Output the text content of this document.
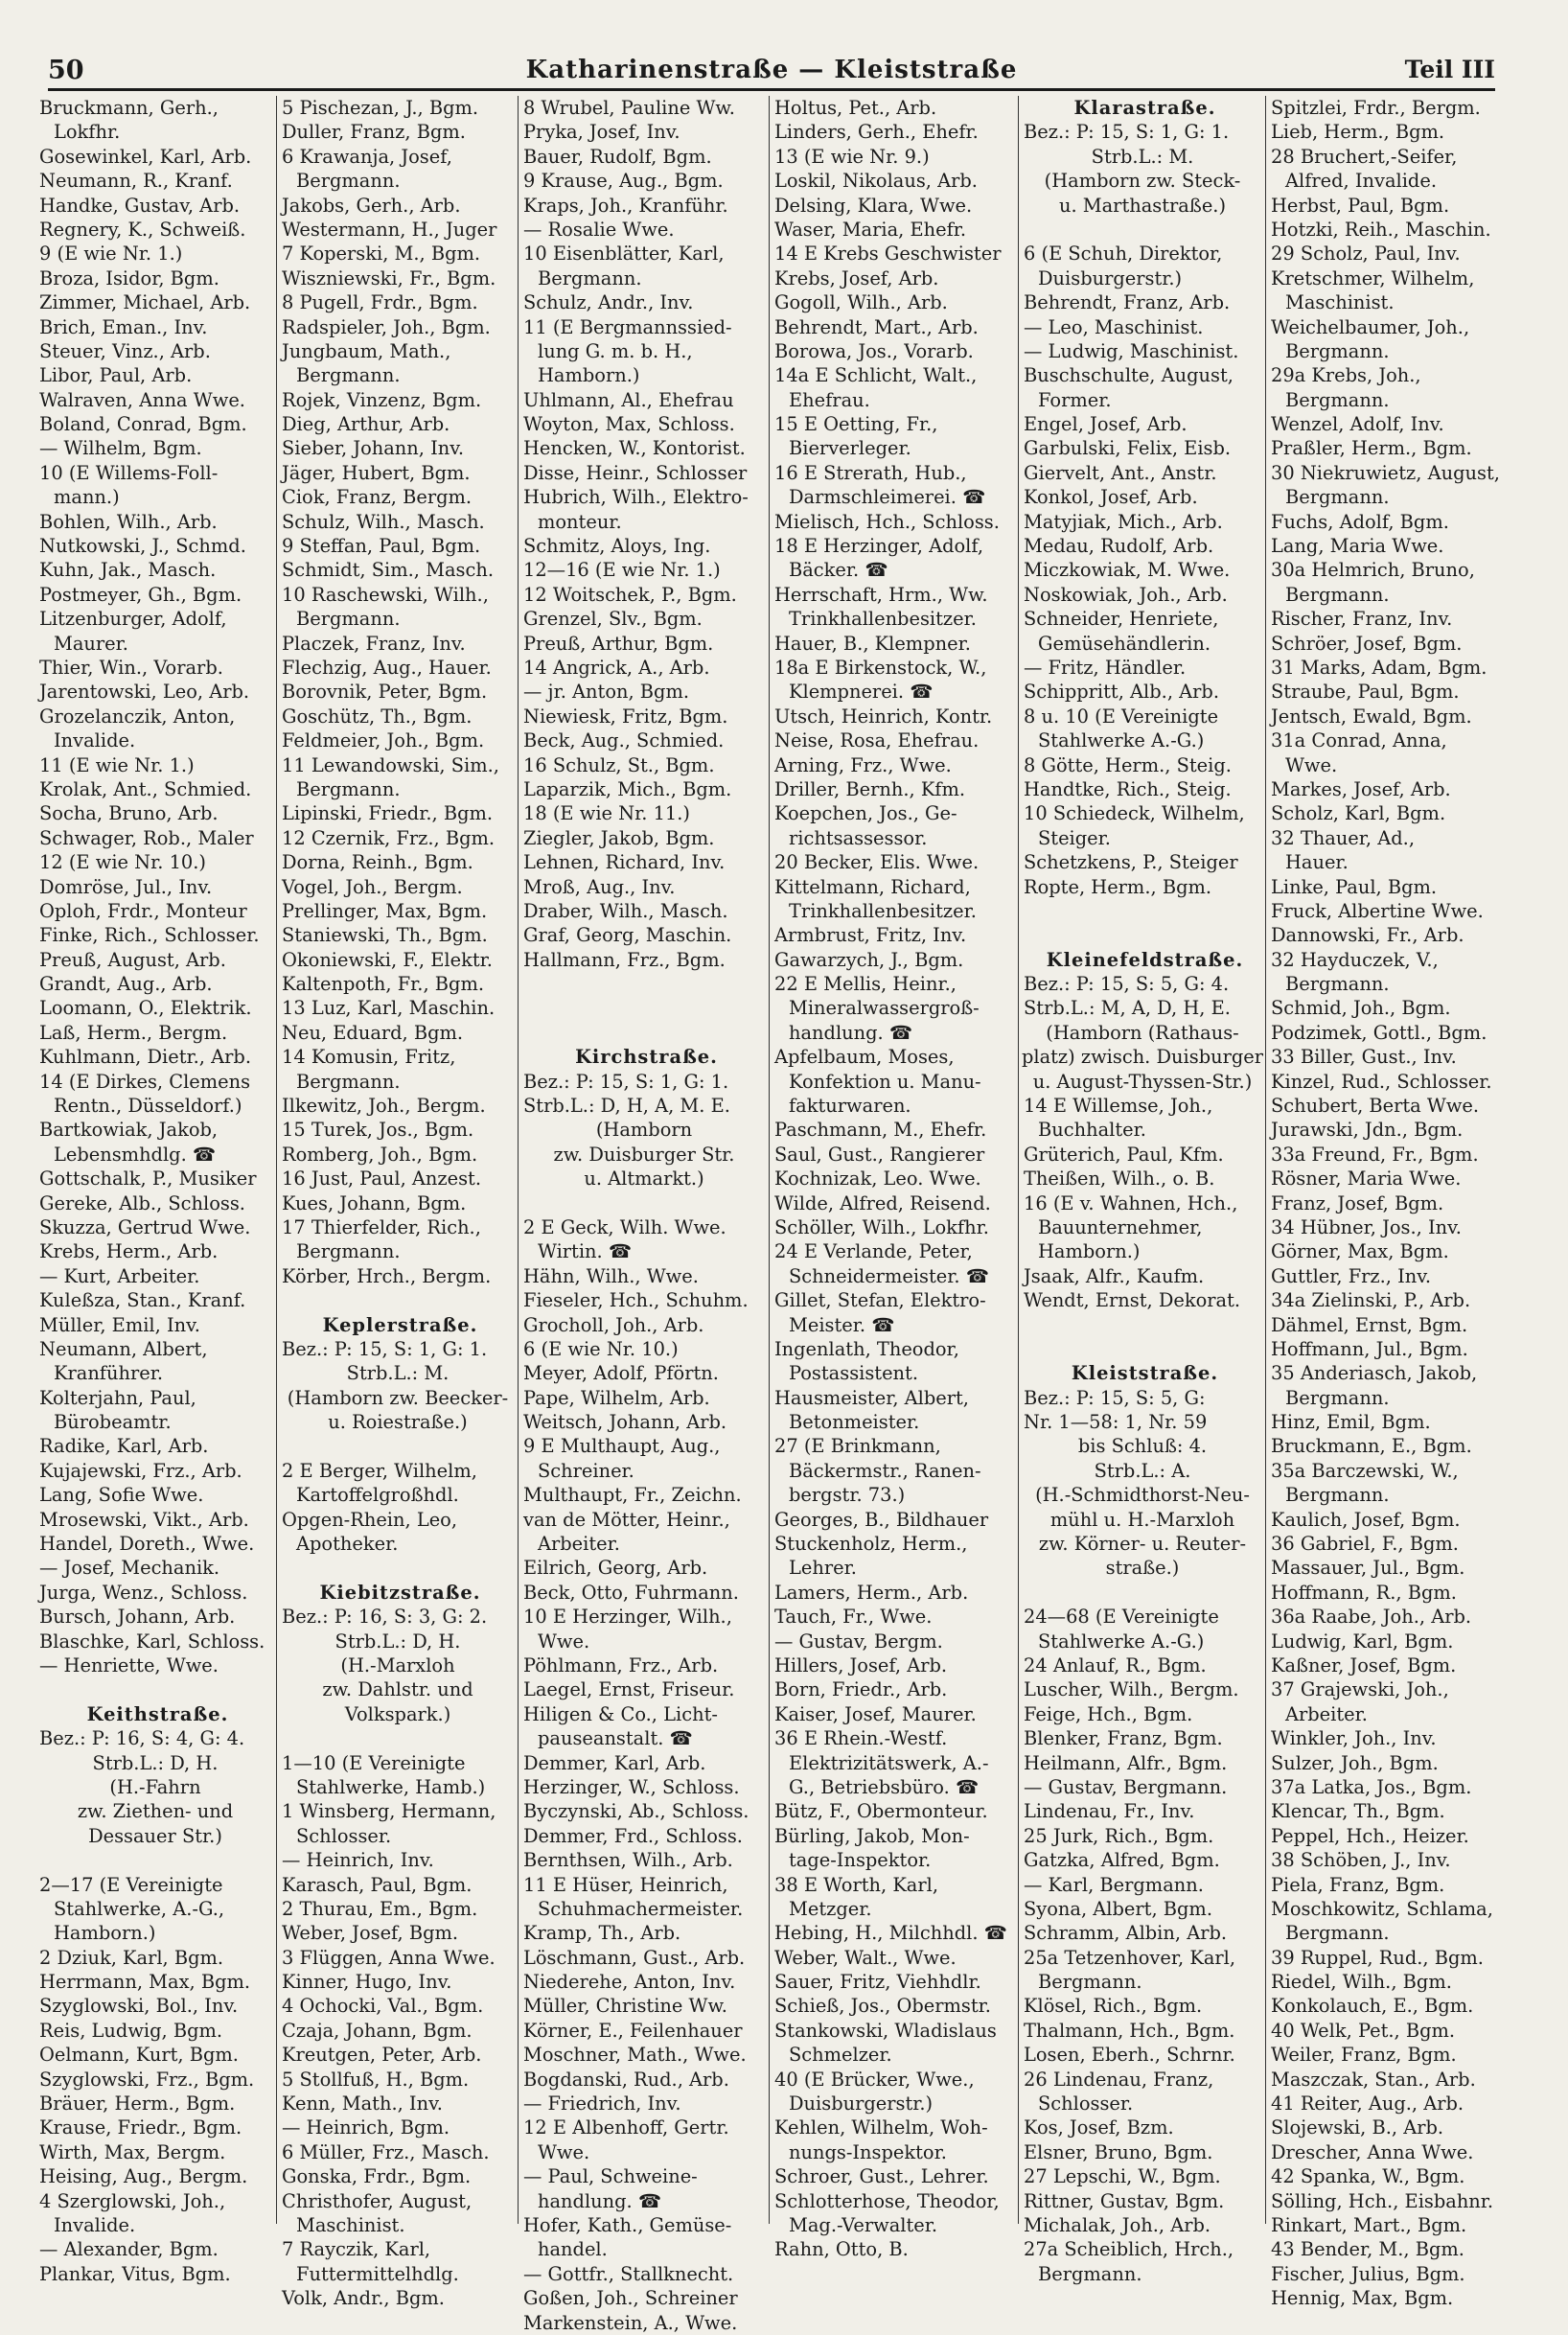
50	Katharinenstraße — Kleiststraße	Teil III
Bruckmann, Gerh.,
Lokfhr.
Gosewinkel, Karl, Arb.
Neumann, R., Kranf.
Handke, Gustav, Arb.
Regnery, K., Schweiß.
9 (E wie Nr. 1.)
Broza, Isidor, Bgm.
Zimmer, Michael, Arb.
Brich, Eman., Inv.
Steuer, Vinz., Arb.
Libor, Paul, Arb.
Walraven, Anna Wwe.
Boland, Conrad, Bgm.
— Wilhelm, Bgm.
10 (E Willems-Foll-
mann.)
Bohlen, Wilh., Arb.
Nutkowski, J., Schmd.
Kuhn, Jak., Masch.
Postmeyer, Gh., Bgm.
Litzenburger, Adolf,
Maurer.
Thier, Win., Vorarb.
Jarentowski, Leo, Arb.
Grozelanczik, Anton,
Invalide.
11 (E wie Nr. 1.)
Krolak, Ant., Schmied.
Socha, Bruno, Arb.
Schwager, Rob., Maler
12 (E wie Nr. 10.)
Domröse, Jul., Inv.
Oploh, Frdr., Monteur
Finke, Rich., Schlosser.
Preuß, August, Arb.
Grandt, Aug., Arb.
Loomann, O., Elektrik.
Laß, Herm., Bergm.
Kuhlmann, Dietr., Arb.
14 (E Dirkes, Clemens
Rentn., Düsseldorf.)
Bartkowiak, Jakob,
Lebensmhdlg. ☎
Gottschalk, P., Musiker
Gereke, Alb., Schloss.
Skuzza, Gertrud Wwe.
Krebs, Herm., Arb.
— Kurt, Arbeiter.
Kuleßza, Stan., Kranf.
Müller, Emil, Inv.
Neumann, Albert,
Kranführer.
Kolterjahn, Paul,
Bürobeamtr.
Radike, Karl, Arb.
Kujajewski, Frz., Arb.
Lang, Sofie Wwe.
Mrosewski, Vikt., Arb.
Handel, Doreth., Wwe.
— Josef, Mechanik.
Jurga, Wenz., Schloss.
Bursch, Johann, Arb.
Blaschke, Karl, Schloss.
— Henriette, Wwe.
Keithstraße.
Bez.: P: 16, S: 4, G: 4.
Strb.L.: D, H.
(H.-Fahrn
zw. Ziethen- und
Dessauer Str.)
2—17 (E Vereinigte
Stahlwerke, A.-G.,
Hamborn.)
2 Dziuk, Karl, Bgm.
Herrmann, Max, Bgm.
Szyglowski, Bol., Inv.
Reis, Ludwig, Bgm.
Oelmann, Kurt, Bgm.
Szyglowski, Frz., Bgm.
Bräuer, Herm., Bgm.
Krause, Friedr., Bgm.
Wirth, Max, Bergm.
Heising, Aug., Bergm.
4 Szerglowski, Joh.,
Invalide.
— Alexander, Bgm.
Plankar, Vitus, Bgm.
5 Pischezan, J., Bgm.
Duller, Franz, Bgm.
6 Krawanja, Josef,
Bergmann.
Jakobs, Gerh., Arb.
Westermann, H., Juger
7 Koperski, M., Bgm.
Wiszniewski, Fr., Bgm.
8 Pugell, Frdr., Bgm.
Radspieler, Joh., Bgm.
Jungbaum, Math.,
Bergmann.
Rojek, Vinzenz, Bgm.
Dieg, Arthur, Arb.
Sieber, Johann, Inv.
Jäger, Hubert, Bgm.
Ciok, Franz, Bergm.
Schulz, Wilh., Masch.
9 Steffan, Paul, Bgm.
Schmidt, Sim., Masch.
10 Raschewski, Wilh.,
Bergmann.
Placzek, Franz, Inv.
Flechzig, Aug., Hauer.
Borovnik, Peter, Bgm.
Goschütz, Th., Bgm.
Feldmeier, Joh., Bgm.
11 Lewandowski, Sim.,
Bergmann.
Lipinski, Friedr., Bgm.
12 Czernik, Frz., Bgm.
Dorna, Reinh., Bgm.
Vogel, Joh., Bergm.
Prellinger, Max, Bgm.
Staniewski, Th., Bgm.
Okoniewski, F., Elektr.
Kaltenpoth, Fr., Bgm.
13 Luz, Karl, Maschin.
Neu, Eduard, Bgm.
14 Komusin, Fritz,
Bergmann.
Ilkewitz, Joh., Bergm.
15 Turek, Jos., Bgm.
Romberg, Joh., Bgm.
16 Just, Paul, Anzest.
Kues, Johann, Bgm.
17 Thierfelder, Rich.,
Bergmann.
Körber, Hrch., Bergm.
Keplerstraße.
Bez.: P: 15, S: 1, G: 1.
Strb.L.: M.
(Hamborn zw. Beecker-
u. Roiestraße.)
2 E Berger, Wilhelm,
Kartoffelgroßhdl.
Opgen-Rhein, Leo,
Apotheker.
Kiebitzstraße.
Bez.: P: 16, S: 3, G: 2.
Strb.L.: D, H.
(H.-Marxloh
zw. Dahlstr. und
Volkspark.)
1—10 (E Vereinigte
Stahlwerke, Hamb.)
1 Winsberg, Hermann,
Schlosser.
— Heinrich, Inv.
Karasch, Paul, Bgm.
2 Thurau, Em., Bgm.
Weber, Josef, Bgm.
3 Flüggen, Anna Wwe.
Kinner, Hugo, Inv.
4 Ochocki, Val., Bgm.
Czaja, Johann, Bgm.
Kreutgen, Peter, Arb.
5 Stollfuß, H., Bgm.
Kenn, Math., Inv.
— Heinrich, Bgm.
6 Müller, Frz., Masch.
Gonska, Frdr., Bgm.
Christhofer, August,
Maschinist.
7 Rayczik, Karl,
Futtermittelhdlg.
Volk, Andr., Bgm.
8 Wrubel, Pauline Ww.
Pryka, Josef, Inv.
Bauer, Rudolf, Bgm.
9 Krause, Aug., Bgm.
Kraps, Joh., Kranführ.
— Rosalie Wwe.
10 Eisenblätter, Karl,
Bergmann.
Schulz, Andr., Inv.
11 (E Bergmannssied-
lung G. m. b. H.,
Hamborn.)
Uhlmann, Al., Ehefrau
Woyton, Max, Schloss.
Hencken, W., Kontorist.
Disse, Heinr., Schlosser
Hubrich, Wilh., Elektro-
monteur.
Schmitz, Aloys, Ing.
12—16 (E wie Nr. 1.)
12 Woitschek, P., Bgm.
Grenzel, Slv., Bgm.
Preuß, Arthur, Bgm.
14 Angrick, A., Arb.
— jr. Anton, Bgm.
Niewiesk, Fritz, Bgm.
Beck, Aug., Schmied.
16 Schulz, St., Bgm.
Laparzik, Mich., Bgm.
18 (E wie Nr. 11.)
Ziegler, Jakob, Bgm.
Lehnen, Richard, Inv.
Mroß, Aug., Inv.
Draber, Wilh., Masch.
Graf, Georg, Maschin.
Hallmann, Frz., Bgm.
Kirchstraße.
Bez.: P: 15, S: 1, G: 1.
Strb.L.: D, H, A, M. E.
(Hamborn
zw. Duisburger Str.
u. Altmarkt.)
2 E Geck, Wilh. Wwe.
Wirtin. ☎
Hähn, Wilh., Wwe.
Fieseler, Hch., Schuhm.
Grocholl, Joh., Arb.
6 (E wie Nr. 10.)
Meyer, Adolf, Pförtn.
Pape, Wilhelm, Arb.
Weitsch, Johann, Arb.
9 E Multhaupt, Aug.,
Schreiner.
Multhaupt, Fr., Zeichn.
van de Mötter, Heinr.,
Arbeiter.
Eilrich, Georg, Arb.
Beck, Otto, Fuhrmann.
10 E Herzinger, Wilh.,
Wwe.
Pöhlmann, Frz., Arb.
Laegel, Ernst, Friseur.
Hiligen & Co., Licht-
pauseanstalt. ☎
Demmer, Karl, Arb.
Herzinger, W., Schloss.
Byczynski, Ab., Schloss.
Demmer, Frd., Schloss.
Bernthsen, Wilh., Arb.
11 E Hüser, Heinrich,
Schuhmachermeister.
Kramp, Th., Arb.
Löschmann, Gust., Arb.
Niederehe, Anton, Inv.
Müller, Christine Ww.
Körner, E., Feilenhauer
Moschner, Math., Wwe.
Bogdanski, Rud., Arb.
— Friedrich, Inv.
12 E Albenhoff, Gertr.
Wwe.
— Paul, Schweine-
handlung. ☎
Hofer, Kath., Gemüse-
handel.
— Gottfr., Stallknecht.
Goßen, Joh., Schreiner
Markenstein, A., Wwe.
Holtus, Pet., Arb.
Linders, Gerh., Ehefr.
13 (E wie Nr. 9.)
Loskil, Nikolaus, Arb.
Delsing, Klara, Wwe.
Waser, Maria, Ehefr.
14 E Krebs Geschwister
Krebs, Josef, Arb.
Gogoll, Wilh., Arb.
Behrendt, Mart., Arb.
Borowa, Jos., Vorarb.
14a E Schlicht, Walt.,
Ehefrau.
15 E Oetting, Fr.,
Bierverleger.
16 E Strerath, Hub.,
Darmschleimerei. ☎
Mielisch, Hch., Schloss.
18 E Herzinger, Adolf,
Bäcker. ☎
Herrschaft, Hrm., Ww.
Trinkhallenbesitzer.
Hauer, B., Klempner.
18a E Birkenstock, W.,
Klempnerei. ☎
Utsch, Heinrich, Kontr.
Neise, Rosa, Ehefrau.
Arning, Frz., Wwe.
Driller, Bernh., Kfm.
Koepchen, Jos., Ge-
richtsassessor.
20 Becker, Elis. Wwe.
Kittelmann, Richard,
Trinkhallenbesitzer.
Armbrust, Fritz, Inv.
Gawarzych, J., Bgm.
22 E Mellis, Heinr.,
Mineralwassergroß-
handlung. ☎
Apfelbaum, Moses,
Konfektion u. Manu-
fakturwaren.
Paschmann, M., Ehefr.
Saul, Gust., Rangierer
Kochnizak, Leo. Wwe.
Wilde, Alfred, Reisend.
Schöller, Wilh., Lokfhr.
24 E Verlande, Peter,
Schneidermeister. ☎
Gillet, Stefan, Elektro-
Meister. ☎
Ingenlath, Theodor,
Postassistent.
Hausmeister, Albert,
Betonmeister.
27 (E Brinkmann,
Bäckermstr., Ranen-
bergstr. 73.)
Georges, B., Bildhauer
Stuckenholz, Herm.,
Lehrer.
Lamers, Herm., Arb.
Tauch, Fr., Wwe.
— Gustav, Bergm.
Hillers, Josef, Arb.
Born, Friedr., Arb.
Kaiser, Josef, Maurer.
36 E Rhein.-Westf.
Elektrizitätswerk, A.-
G., Betriebsbüro. ☎
Bütz, F., Obermonteur.
Bürling, Jakob, Mon-
tage-Inspektor.
38 E Worth, Karl,
Metzger.
Hebing, H., Milchhdl. ☎
Weber, Walt., Wwe.
Sauer, Fritz, Viehhdlr.
Schieß, Jos., Obermstr.
Stankowski, Wladislaus
Schmelzer.
40 (E Brücker, Wwe.,
Duisburgerstr.)
Kehlen, Wilhelm, Woh-
nungs-Inspektor.
Schroer, Gust., Lehrer.
Schlotterhose, Theodor,
Mag.-Verwalter.
Rahn, Otto, B.
Klarastraße.
Bez.: P: 15, S: 1, G: 1.
Strb.L.: M.
(Hamborn zw. Steck-
u. Marthastraße.)
6 (E Schuh, Direktor,
Duisburgerstr.)
Behrendt, Franz, Arb.
— Leo, Maschinist.
— Ludwig, Maschinist.
Buschschulte, August,
Former.
Engel, Josef, Arb.
Garbulski, Felix, Eisb.
Giervelt, Ant., Anstr.
Konkol, Josef, Arb.
Matyjiak, Mich., Arb.
Medau, Rudolf, Arb.
Miczkowiak, M. Wwe.
Noskowiak, Joh., Arb.
Schneider, Henriete,
Gemüsehändlerin.
— Fritz, Händler.
Schippritt, Alb., Arb.
8 u. 10 (E Vereinigte
Stahlwerke A.-G.)
8 Götte, Herm., Steig.
Handtke, Rich., Steig.
10 Schiedeck, Wilhelm,
Steiger.
Schetzkens, P., Steiger
Ropte, Herm., Bgm.
Kleinefeldstraße.
Bez.: P: 15, S: 5, G: 4.
Strb.L.: M, A, D, H, E.
(Hamborn (Rathaus-
platz) zwisch. Duisburger
u. August-Thyssen-Str.)
14 E Willemse, Joh.,
Buchhalter.
Grüterich, Paul, Kfm.
Theißen, Wilh., o. B.
16 (E v. Wahnen, Hch.,
Bauunternehmer,
Hamborn.)
Jsaak, Alfr., Kaufm.
Wendt, Ernst, Dekorat.
Kleiststraße.
Bez.: P: 15, S: 5, G:
Nr. 1—58: 1, Nr. 59
bis Schluß: 4.
Strb.L.: A.
(H.-Schmidthorst-Neu-
mühl u. H.-Marxloh
zw. Körner- u. Reuter-
straße.)
24—68 (E Vereinigte
Stahlwerke A.-G.)
24 Anlauf, R., Bgm.
Luscher, Wilh., Bergm.
Feige, Hch., Bgm.
Blenker, Franz, Bgm.
Heilmann, Alfr., Bgm.
— Gustav, Bergmann.
Lindenau, Fr., Inv.
25 Jurk, Rich., Bgm.
Gatzka, Alfred, Bgm.
— Karl, Bergmann.
Syona, Albert, Bgm.
Schramm, Albin, Arb.
25a Tetzenhover, Karl,
Bergmann.
Klösel, Rich., Bgm.
Thalmann, Hch., Bgm.
Losen, Eberh., Schrnr.
26 Lindenau, Franz,
Schlosser.
Kos, Josef, Bzm.
Elsner, Bruno, Bgm.
27 Lepschi, W., Bgm.
Rittner, Gustav, Bgm.
Michalak, Joh., Arb.
27a Scheiblich, Hrch.,
Bergmann.
Spitzlei, Frdr., Bergm.
Lieb, Herm., Bgm.
28 Bruchert,-Seifer,
Alfred, Invalide.
Herbst, Paul, Bgm.
Hotzki, Reih., Maschin.
29 Scholz, Paul, Inv.
Kretschmer, Wilhelm,
Maschinist.
Weichelbaumer, Joh.,
Bergmann.
29a Krebs, Joh.,
Bergmann.
Wenzel, Adolf, Inv.
Praßler, Herm., Bgm.
30 Niekruwietz, August,
Bergmann.
Fuchs, Adolf, Bgm.
Lang, Maria Wwe.
30a Helmrich, Bruno,
Bergmann.
Rischer, Franz, Inv.
Schröer, Josef, Bgm.
31 Marks, Adam, Bgm.
Straube, Paul, Bgm.
Jentsch, Ewald, Bgm.
31a Conrad, Anna,
Wwe.
Markes, Josef, Arb.
Scholz, Karl, Bgm.
32 Thauer, Ad.,
Hauer.
Linke, Paul, Bgm.
Fruck, Albertine Wwe.
Dannowski, Fr., Arb.
32 Hayduczek, V.,
Bergmann.
Schmid, Joh., Bgm.
Podzimek, Gottl., Bgm.
33 Biller, Gust., Inv.
Kinzel, Rud., Schlosser.
Schubert, Berta Wwe.
Jurawski, Jdn., Bgm.
33a Freund, Fr., Bgm.
Rösner, Maria Wwe.
Franz, Josef, Bgm.
34 Hübner, Jos., Inv.
Görner, Max, Bgm.
Guttler, Frz., Inv.
34a Zielinski, P., Arb.
Dähmel, Ernst, Bgm.
Hoffmann, Jul., Bgm.
35 Anderiasch, Jakob,
Bergmann.
Hinz, Emil, Bgm.
Bruckmann, E., Bgm.
35a Barczewski, W.,
Bergmann.
Kaulich, Josef, Bgm.
36 Gabriel, F., Bgm.
Massauer, Jul., Bgm.
Hoffmann, R., Bgm.
36a Raabe, Joh., Arb.
Ludwig, Karl, Bgm.
Kaßner, Josef, Bgm.
37 Grajewski, Joh.,
Arbeiter.
Winkler, Joh., Inv.
Sulzer, Joh., Bgm.
37a Latka, Jos., Bgm.
Klencar, Th., Bgm.
Peppel, Hch., Heizer.
38 Schöben, J., Inv.
Piela, Franz, Bgm.
Moschkowitz, Schlama,
Bergmann.
39 Ruppel, Rud., Bgm.
Riedel, Wilh., Bgm.
Konkolauch, E., Bgm.
40 Welk, Pet., Bgm.
Weiler, Franz, Bgm.
Maszczak, Stan., Arb.
41 Reiter, Aug., Arb.
Slojewski, B., Arb.
Drescher, Anna Wwe.
42 Spanka, W., Bgm.
Sölling, Hch., Eisbahnr.
Rinkart, Mart., Bgm.
43 Bender, M., Bgm.
Fischer, Julius, Bgm.
Hennig, Max, Bgm.
